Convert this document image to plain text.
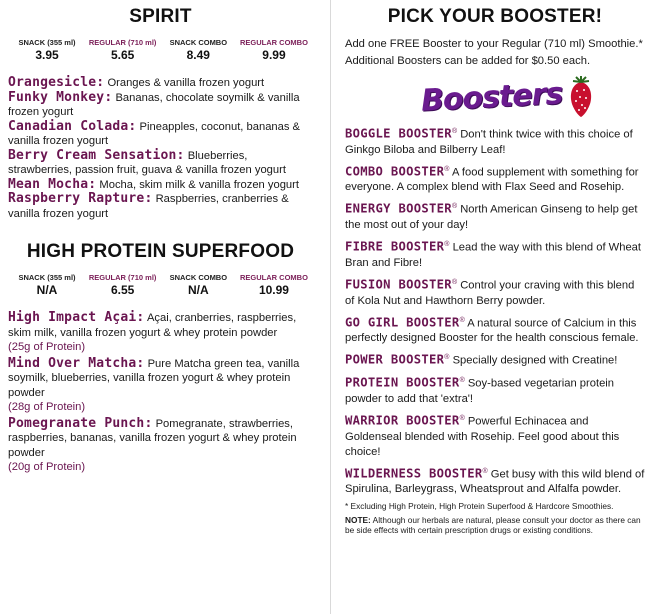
SPIRIT
SNACK (355 ml)
3.95
REGULAR (710 ml)
5.65
SNACK COMBO
8.49
REGULAR COMBO
9.99

Orangesicle: Oranges & vanilla frozen yogurt

Funky Monkey: Bananas, chocolate soymilk & vanilla frozen yogurt

Canadian Colada: Pineapples, coconut, bananas & vanilla frozen yogurt

Berry Cream Sensation: Blueberries, strawberries, passion fruit, guava & vanilla frozen yogurt

Mean Mocha: Mocha, skim milk & vanilla frozen yogurt

Raspberry Rapture: Raspberries, cranberries & vanilla frozen yogurt

HIGH PROTEIN SUPERFOOD
SNACK (355 ml)
N/A
REGULAR (710 ml)
6.55
SNACK COMBO
N/A
REGULAR COMBO
10.99

High Impact Açai: Açai, cranberries, raspberries, skim milk, vanilla frozen yogurt & whey protein powder
(25g of Protein)

Mind Over Matcha: Pure Matcha green tea, vanilla soymilk, blueberries, vanilla frozen yogurt & whey protein powder
(28g of Protein)

Pomegranate Punch: Pomegranate, strawberries, raspberries, bananas, vanilla frozen yogurt & whey protein powder
(20g of Protein)

PICK YOUR BOOSTER!
Add one FREE Booster to your Regular (710 ml) Smoothie.*
Additional Boosters can be added for $0.50 each.
Boosters

BOGGLE BOOSTER® Don't think twice with this choice of Ginkgo Biloba and Bilberry Leaf!

COMBO BOOSTER® A food supplement with something for everyone. A complex blend with Flax Seed and Rosehip.

ENERGY BOOSTER® North American Ginseng to help get the most out of your day!

FIBRE BOOSTER® Lead the way with this blend of Wheat Bran and Fibre!

FUSION BOOSTER® Control your craving with this blend of Kola Nut and Hawthorn Berry powder.

GO GIRL BOOSTER® A natural source of Calcium in this perfectly designed Booster for the health conscious female.

POWER BOOSTER® Specially designed with Creatine!

PROTEIN BOOSTER® Soy-based vegetarian protein powder to add that 'extra'!

WARRIOR BOOSTER® Powerful Echinacea and Goldenseal blended with Rosehip. Feel good about this choice!

WILDERNESS BOOSTER® Get busy with this wild blend of Spirulina, Barleygrass, Wheatsprout and Alfalfa powder.

* Excluding High Protein, High Protein Superfood & Hardcore Smoothies.
NOTE: Although our herbals are natural, please consult your doctor as there can be side effects with certain prescription drugs or existing conditions.
